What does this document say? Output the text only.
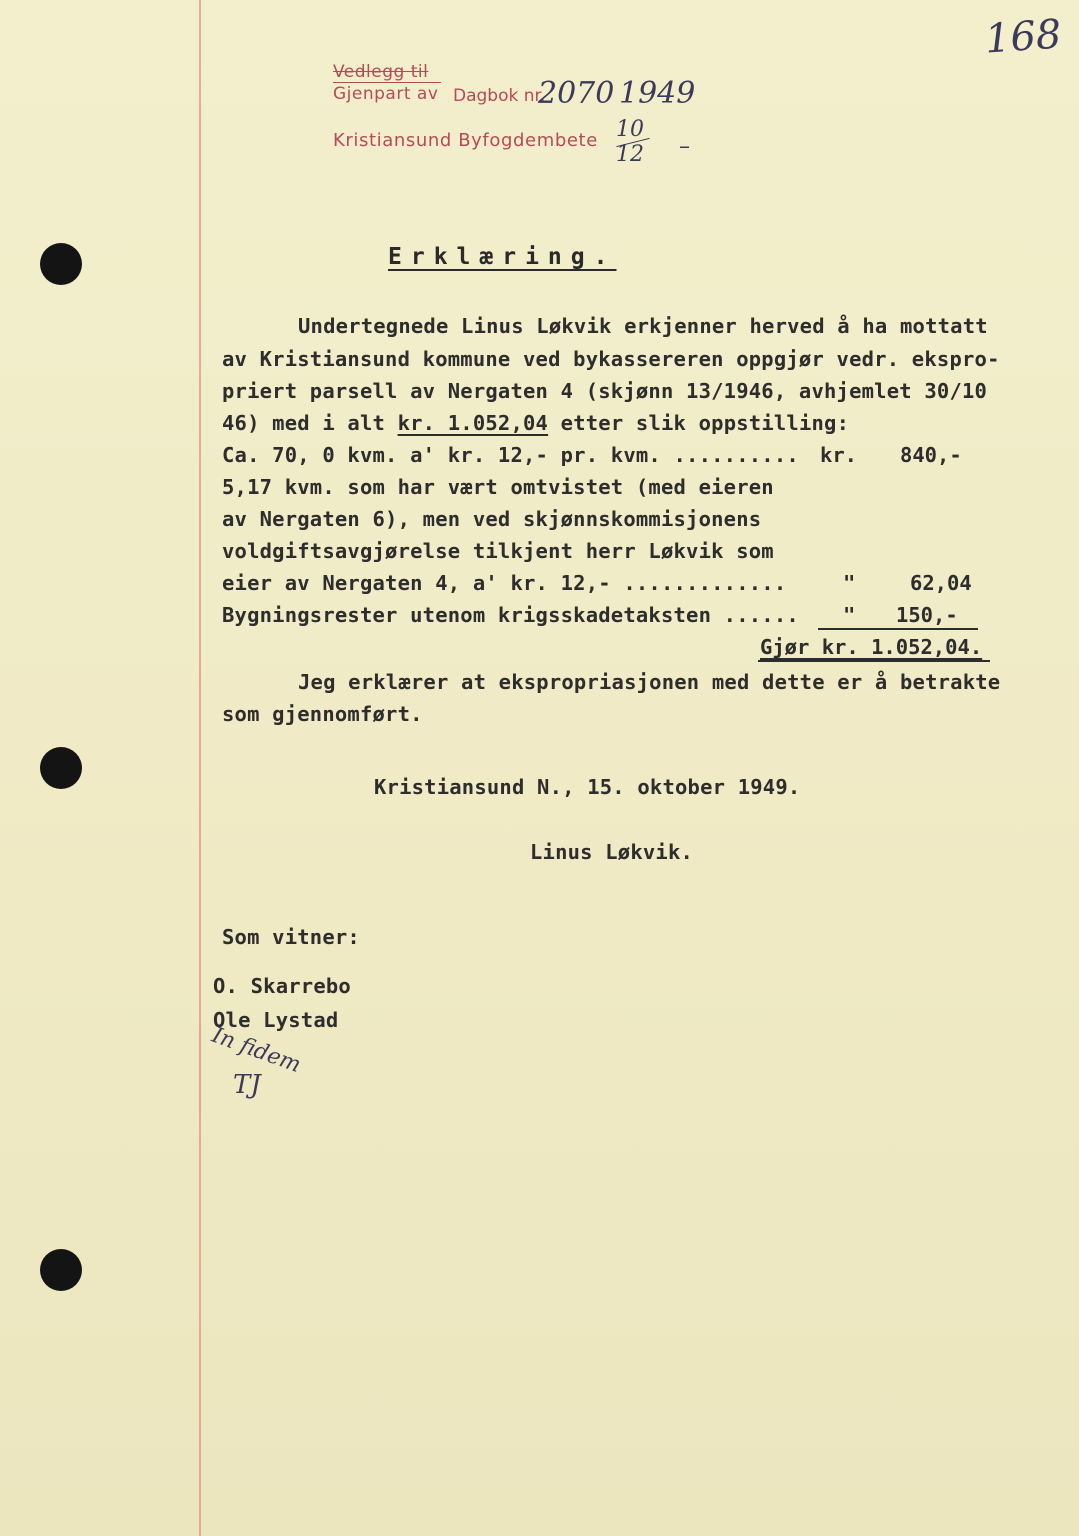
168
Vedlegg til
Gjenpart av Dagbok nr.
2070 1949
Kristiansund Byfogdembete 10
12 –
Erklæring.
Undertegnede Linus Løkvik erkjenner herved å ha mottatt
av Kristiansund kommune ved bykassereren oppgjør vedr. ekspro-
priert parsell av Nergaten 4 (skjønn 13/1946, avhjemlet 30/10
46) med i alt kr. 1.052,04 etter slik oppstilling:
Ca. 70, 0 kvm. a' kr. 12,- pr. kvm. .......... kr. 840,-
5,17 kvm. som har vært omtvistet (med eieren
av Nergaten 6), men ved skjønnskommisjonens
voldgiftsavgjørelse tilkjent herr Løkvik som
eier av Nergaten 4, a' kr. 12,- .............	"	62,04
Bygningsrester utenom krigsskadetaksten ...... " 150,-
Gjør kr. 1.052,04.
Jeg erklærer at ekspropriasjonen med dette er å betrakte
som gjennomført.
Kristiansund N., 15. oktober 1949.
Linus Løkvik.
Som vitner:
O. Skarrebo
Ole Lystad
In fidem
TJ
